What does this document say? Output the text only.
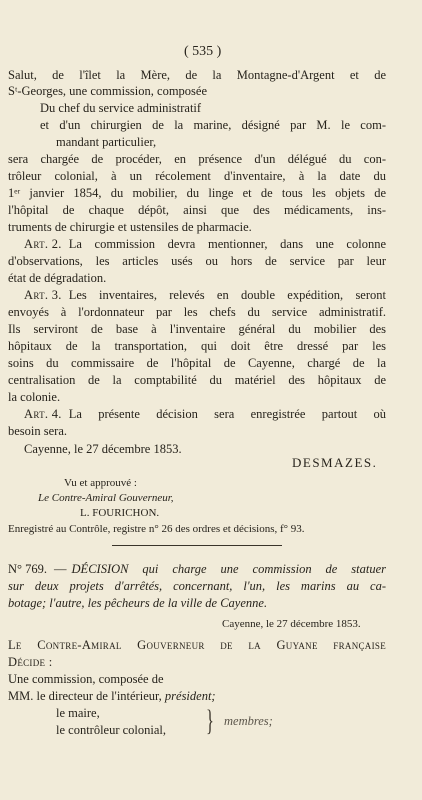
( 535 )
Salut, de l'îlet la Mère, de la Montagne-d'Argent et de
Sᵗ-Georges, une commission, composée
Du chef du service administratif
et d'un chirurgien de la marine, désigné par M. le com-
mandant particulier,
sera chargée de procéder, en présence d'un délégué du con-
trôleur colonial, à un récolement d'inventaire, à la date du
1ᵉʳ janvier 1854, du mobilier, du linge et de tous les objets de
l'hôpital de chaque dépôt, ainsi que des médicaments, ins-
truments de chirurgie et ustensiles de pharmacie.
Art. 2. La commission devra mentionner, dans une colonne
d'observations, les articles usés ou hors de service par leur
état de dégradation.
Art. 3. Les inventaires, relevés en double expédition, seront
envoyés à l'ordonnateur par les chefs du service administratif.
Ils serviront de base à l'inventaire général du mobilier des
hôpitaux de la transportation, qui doit être dressé par les
soins du commissaire de l'hôpital de Cayenne, chargé de la
centralisation de la comptabilité du matériel des hôpitaux de
la colonie.
Art. 4. La présente décision sera enregistrée partout où
besoin sera.
Cayenne, le 27 décembre 1853.
DESMAZES.
Vu et approuvé :
Le Contre-Amiral Gouverneur,
L. FOURICHON.
Enregistré au Contrôle, registre n° 26 des ordres et décisions, f° 93.
N° 769. — DÉCISION qui charge une commission de statuer
sur deux projets d'arrêtés, concernant, l'un, les marins au ca-
botage; l'autre, les pêcheurs de la ville de Cayenne.
Cayenne, le 27 décembre 1853.
Le Contre-Amiral Gouverneur de la Guyane française
Décide :
Une commission, composée de
MM. le directeur de l'intérieur, président;
le maire,
le contrôleur colonial, } membres;
